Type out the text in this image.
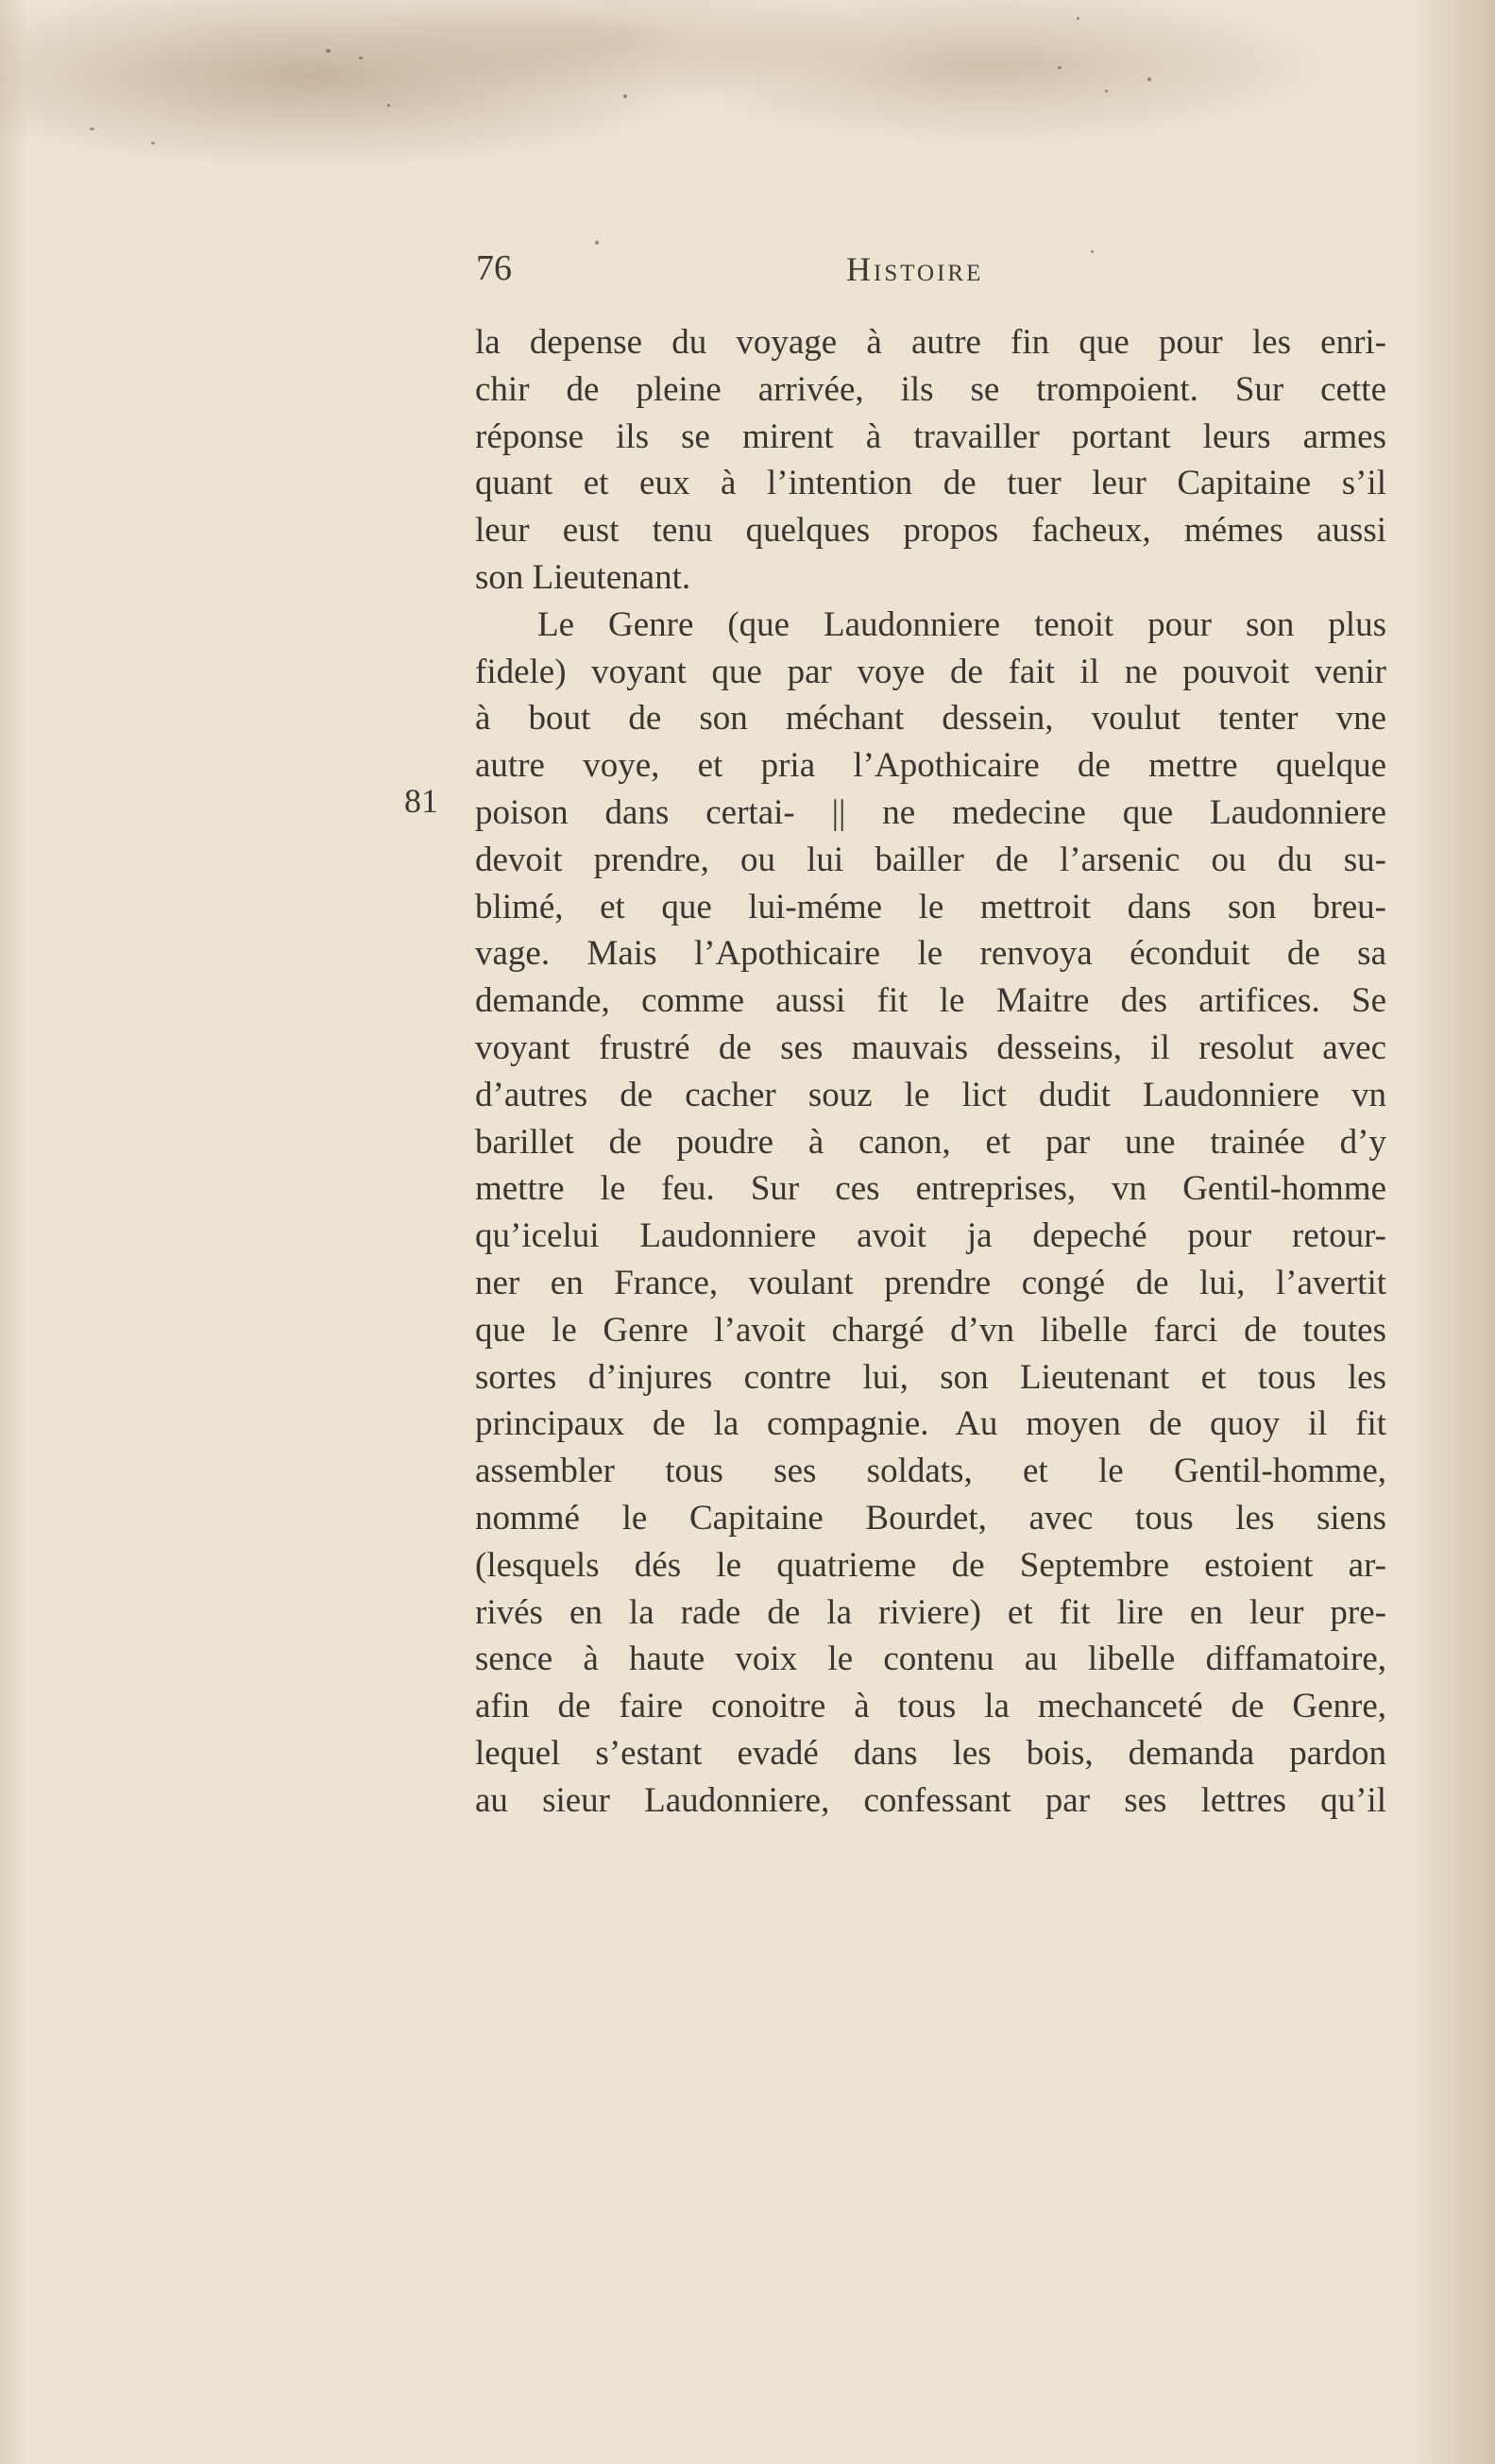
76	Histoire
81
la depense du voyage à autre fin que pour les enri-
chir de pleine arrivée, ils se trompoient. Sur cette
réponse ils se mirent à travailler portant leurs armes
quant et eux à l’intention de tuer leur Capitaine s’il
leur eust tenu quelques propos facheux, mémes aussi
son Lieutenant.
Le Genre (que Laudonniere tenoit pour son plus
fidele) voyant que par voye de fait il ne pouvoit venir
à bout de son méchant dessein, voulut tenter vne
autre voye, et pria l’Apothicaire de mettre quelque
poison dans certai- || ne medecine que Laudonniere
devoit prendre, ou lui bailler de l’arsenic ou du su-
blimé, et que lui-méme le mettroit dans son breu-
vage. Mais l’Apothicaire le renvoya éconduit de sa
demande, comme aussi fit le Maitre des artifices. Se
voyant frustré de ses mauvais desseins, il resolut avec
d’autres de cacher souz le lict dudit Laudonniere vn
barillet de poudre à canon, et par une trainée d’y
mettre le feu. Sur ces entreprises, vn Gentil-homme
qu’icelui Laudonniere avoit ja depeché pour retour-
ner en France, voulant prendre congé de lui, l’avertit
que le Genre l’avoit chargé d’vn libelle farci de toutes
sortes d’injures contre lui, son Lieutenant et tous les
principaux de la compagnie. Au moyen de quoy il fit
assembler tous ses soldats, et le Gentil-homme,
nommé le Capitaine Bourdet, avec tous les siens
(lesquels dés le quatrieme de Septembre estoient ar-
rivés en la rade de la riviere) et fit lire en leur pre-
sence à haute voix le contenu au libelle diffamatoire,
afin de faire conoitre à tous la mechanceté de Genre,
lequel s’estant evadé dans les bois, demanda pardon
au sieur Laudonniere, confessant par ses lettres qu’il
